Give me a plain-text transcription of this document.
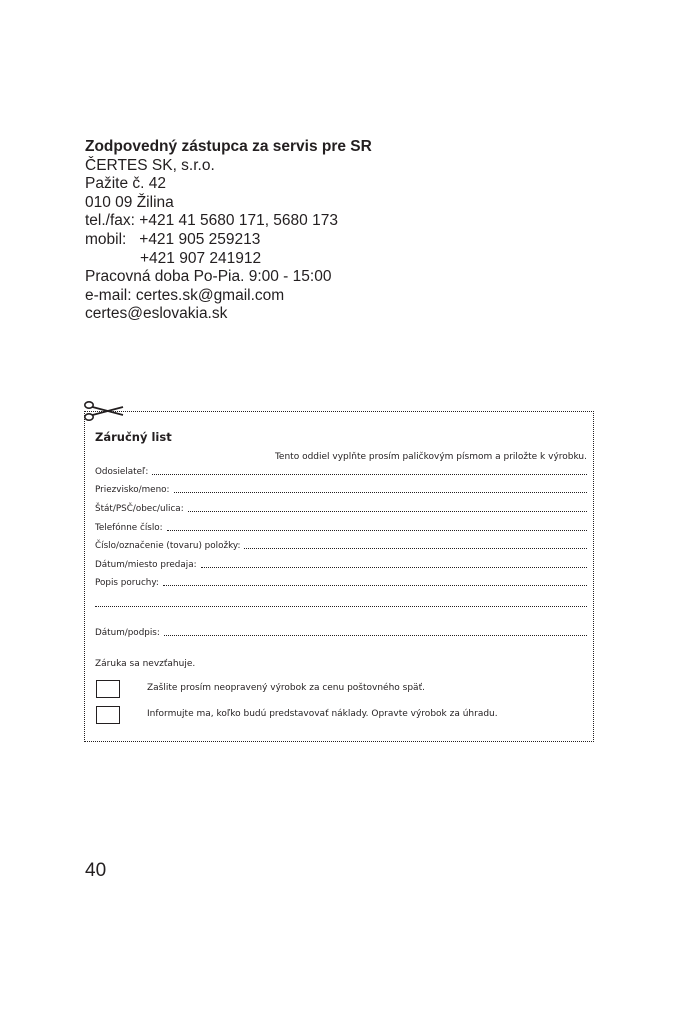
Zodpovedný zástupca za servis pre SR
ČERTES SK, s.r.o.
Pažite č. 42
010 09 Žilina
tel./fax: +421 41 5680 171, 5680 173
mobil:   +421 905 259213
+421 907 241912
Pracovná doba Po-Pia. 9:00 - 15:00
e-mail: certes.sk@gmail.com
certes@eslovakia.sk
Záručný list
Tento oddiel vyplňte prosím paličkovým písmom a priložte k výrobku.
Odosielateľ:
Priezvisko/meno:
Štát/PSČ/obec/ulica:
Telefónne číslo:
Číslo/označenie (tovaru) položky:
Dátum/miesto predaja:
Popis poruchy:
Dátum/podpis:
Záruka sa nevzťahuje.
Zašlite prosím neopravený výrobok za cenu poštovného späť.
Informujte ma, koľko budú predstavovať náklady. Opravte výrobok za úhradu.
40
